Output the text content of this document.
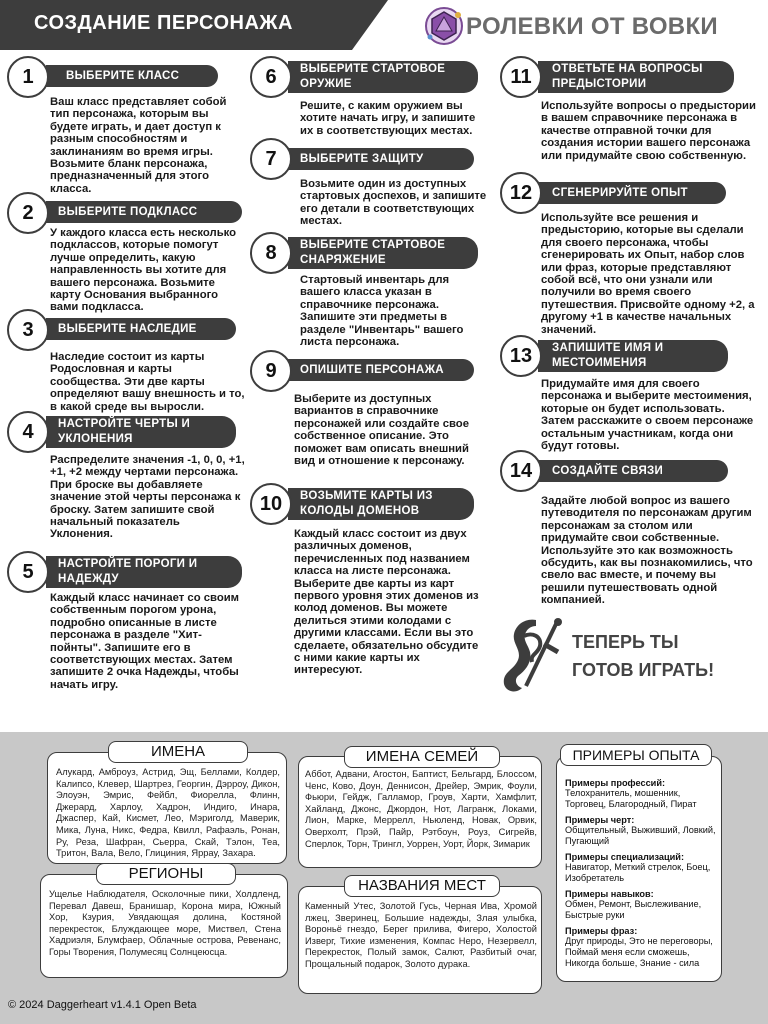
СОЗДАНИЕ ПЕРСОНАЖА	РОЛЕВКИ ОТ ВОВКИ
1	ВЫБЕРИТЕ КЛАСС
Ваш класс представляет собой тип персонажа, которым вы будете играть, и дает доступ к разным способностям и заклинаниям во время игры. Возьмите бланк персонажа, предназначенный для этого класса.
2	ВЫБЕРИТЕ ПОДКЛАСС
У каждого класса есть несколько подклассов, которые помогут лучше определить, какую направленность вы хотите для вашего персонажа. Возьмите карту Основания выбранного вами подкласса.
3	ВЫБЕРИТЕ НАСЛЕДИЕ
Наследие состоит из карты Родословная и карты сообщества. Эти две карты определяют вашу внешность и то, в какой среде вы выросли.
4	НАСТРОЙТЕ ЧЕРТЫ И УКЛОНЕНИЯ
Распределите значения -1, 0, 0, +1, +1, +2 между чертами персонажа. При броске вы добавляете значение этой черты персонажа к броску. Затем запишите свой начальный показатель Уклонения.
5	НАСТРОЙТЕ ПОРОГИ И НАДЕЖДУ
Каждый класс начинает со своим собственным порогом урона, подробно описанные в листе персонажа в разделе "Хит-пойнты". Запишите его в соответствующих местах. Затем запишите 2 очка Надежды, чтобы начать игру.
6	ВЫБЕРИТЕ СТАРТОВОЕ ОРУЖИЕ
Решите, с каким оружием вы хотите начать игру, и запишите их в соответствующих местах.
7	ВЫБЕРИТЕ ЗАЩИТУ
Возьмите один из доступных стартовых доспехов, и запишите его детали в соответствующих местах.
8	ВЫБЕРИТЕ СТАРТОВОЕ СНАРЯЖЕНИЕ
Стартовый инвентарь для вашего класса указан в справочнике персонажа. Запишите эти предметы в разделе "Инвентарь" вашего листа персонажа.
9	ОПИШИТЕ ПЕРСОНАЖА
Выберите из доступных вариантов в справочнике персонажей или создайте свое собственное описание. Это поможет вам описать внешний вид и отношение к персонажу.
10	ВОЗЬМИТЕ КАРТЫ ИЗ КОЛОДЫ ДОМЕНОВ
Каждый класс состоит из двух различных доменов, перечисленных под названием класса на листе персонажа. Выберите две карты из карт первого уровня этих доменов из колод доменов. Вы можете делиться этими колодами с другими классами. Если вы это сделаете, обязательно обсудите с ними какие карты их интересуют.
11	ОТВЕТЬТЕ НА ВОПРОСЫ ПРЕДЫСТОРИИ
Используйте вопросы о предыстории в вашем справочнике персонажа в качестве отправной точки для создания истории вашего персонажа или придумайте свою собственную.
12	СГЕНЕРИРУЙТЕ ОПЫТ
Используйте все решения и предысторию, которые вы сделали для своего персонажа, чтобы сгенерировать их Опыт, набор слов или фраз, которые представляют собой всё, что они узнали или получили во время своего путешествия. Присвойте одному +2, а другому +1 в качестве начальных значений.
13	ЗАПИШИТЕ ИМЯ И МЕСТОИМЕНИЯ
Придумайте имя для своего персонажа и выберите местоимения, которые он будет использовать. Затем расскажите о своем персонаже остальным участникам, когда они будут готовы.
14	СОЗДАЙТЕ СВЯЗИ
Задайте любой вопрос из вашего путеводителя по персонажам другим персонажам за столом или придумайте свои собственные. Используйте это как возможность обсудить, как вы познакомились, что свело вас вместе, и почему вы решили путешествовать одной компанией.
ТЕПЕРЬ ТЫ
ГОТОВ ИГРАТЬ!
Алукард, Амброуз, Астрид, Эщ, Беллами, Колдер, Калипсо, Клевер, Шартрез, Георгин, Дэрроу, Дикон, Элоуэн, Эмрис, Фейбл, Фиорелла, Флинн, Джерард, Харлоу, Хадрон, Индиго, Инара, Джаспер, Кай, Кисмет, Лео, Мэриголд, Маверик, Мика, Луна, Никс, Федра, Квилл, Рафаэль, Ронан, Ру, Реза, Шафран, Сьерра, Скай, Тэлон, Теа, Тритон, Вала, Вело, Глициния, Яррау, Захара.
ИМЕНА
Ущелье Наблюдателя, Осколочные пики, Холдленд, Перевал Давеш, Бранишар, Корона мира, Южный Хор, Кзурия, Увядающая долина, Костяной перекресток, Блуждающее море, Миствел, Стена Хадриэля, Блумфаер, Облачные острова, Ревенанс, Горы Творения, Полумесяц Солнцеюсца.
РЕГИОНЫ
Аббот, Адвани, Агостон, Баптист, Бельгард, Блоссом, Ченс, Ково, Доун, Деннисон, Дрейер, Эмрик, Фоули, Фьюри, Гейдж, Галламор, Гроув, Харти, Хамфлит, Хайланд, Джонс, Джордон, Нот, Лагранж, Локами, Лион, Марке, Меррелл, Ньюленд, Новак, Орвик, Оверхолт, Прэй, Пайр, Рэтбоун, Роуз, Сигрейв, Сперлок, Торн, Трингл, Уоррен, Уорт, Йорк, Зимарик
ИМЕНА СЕМЕЙ
Каменный Утес, Золотой Гусь, Черная Ива, Хромой лжец, Зверинец, Большие надежды, Злая улыбка, Вороньё гнездо, Берег прилива, Фигеро, Холостой Изверг, Тихие изменения, Компас Неро, Незервелл, Перекресток, Полый замок, Салют, Разбитый очаг, Прощальный подарок, Золото дурака.
НАЗВАНИЯ МЕСТ
Примеры профессий:
Телохранитель, мошенник, Торговец, Благородный, Пират
Примеры черт:
Общительный, Выживший, Ловкий, Пугающий
Примеры специализаций:
Навигатор, Меткий стрелок, Боец, Изобретатель
Примеры навыков:
Обмен, Ремонт, Выслеживание, Быстрые руки
Примеры фраз:
Друг природы, Это не переговоры, Поймай меня если сможешь, Никогда больше, Знание - сила
ПРИМЕРЫ ОПЫТА
© 2024 Daggerheart v1.4.1 Open Beta
